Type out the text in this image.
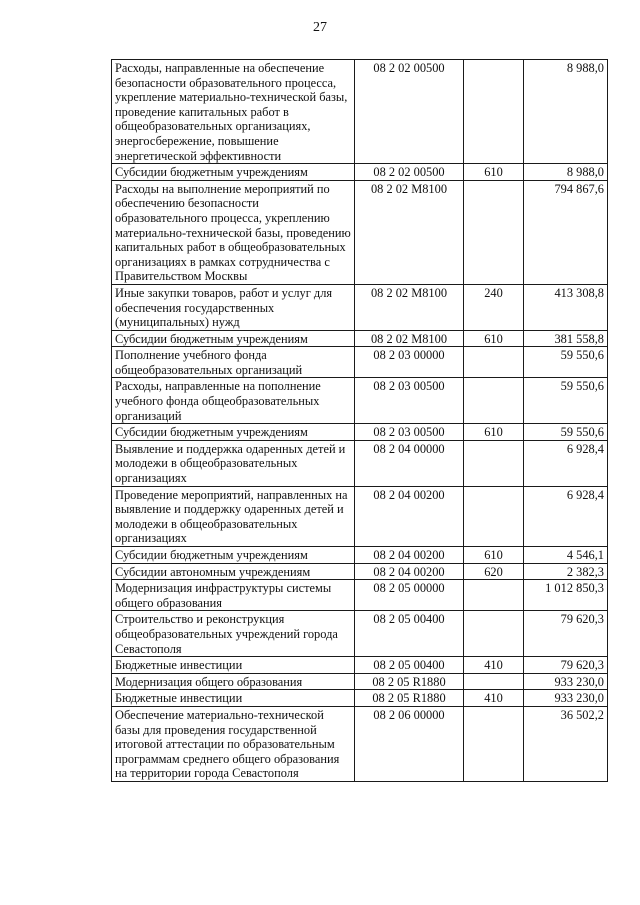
27
Расходы, направленные на обеспечение безопасности образовательного процесса, укрепление материально-технической базы, проведение капитальных работ в общеобразовательных организациях, энергосбережение, повышение энергетической эффективности	08 2 02 00500		8 988,0
Субсидии бюджетным учреждениям	08 2 02 00500	610	8 988,0
Расходы на выполнение мероприятий по обеспечению безопасности образовательного процесса, укреплению материально-технической базы, проведению капитальных работ в общеобразовательных организациях в рамках сотрудничества с Правительством Москвы	08 2 02 M8100		794 867,6
Иные закупки товаров, работ и услуг для обеспечения государственных (муниципальных) нужд	08 2 02 M8100	240	413 308,8
Субсидии бюджетным учреждениям	08 2 02 M8100	610	381 558,8
Пополнение учебного фонда общеобразовательных организаций	08 2 03 00000		59 550,6
Расходы, направленные на пополнение учебного фонда общеобразовательных организаций	08 2 03 00500		59 550,6
Субсидии бюджетным учреждениям	08 2 03 00500	610	59 550,6
Выявление и поддержка одаренных детей и молодежи в общеобразовательных организациях	08 2 04 00000		6 928,4
Проведение мероприятий, направленных на выявление и поддержку одаренных детей и молодежи в общеобразовательных организациях	08 2 04 00200		6 928,4
Субсидии бюджетным учреждениям	08 2 04 00200	610	4 546,1
Субсидии автономным учреждениям	08 2 04 00200	620	2 382,3
Модернизация инфраструктуры системы общего образования	08 2 05 00000		1 012 850,3
Строительство и реконструкция общеобразовательных учреждений города Севастополя	08 2 05 00400		79 620,3
Бюджетные инвестиции	08 2 05 00400	410	79 620,3
Модернизация общего образования	08 2 05 R1880		933 230,0
Бюджетные инвестиции	08 2 05 R1880	410	933 230,0
Обеспечение материально-технической базы для проведения государственной итоговой аттестации по образовательным программам среднего общего образования на территории города Севастополя	08 2 06 00000		36 502,2
